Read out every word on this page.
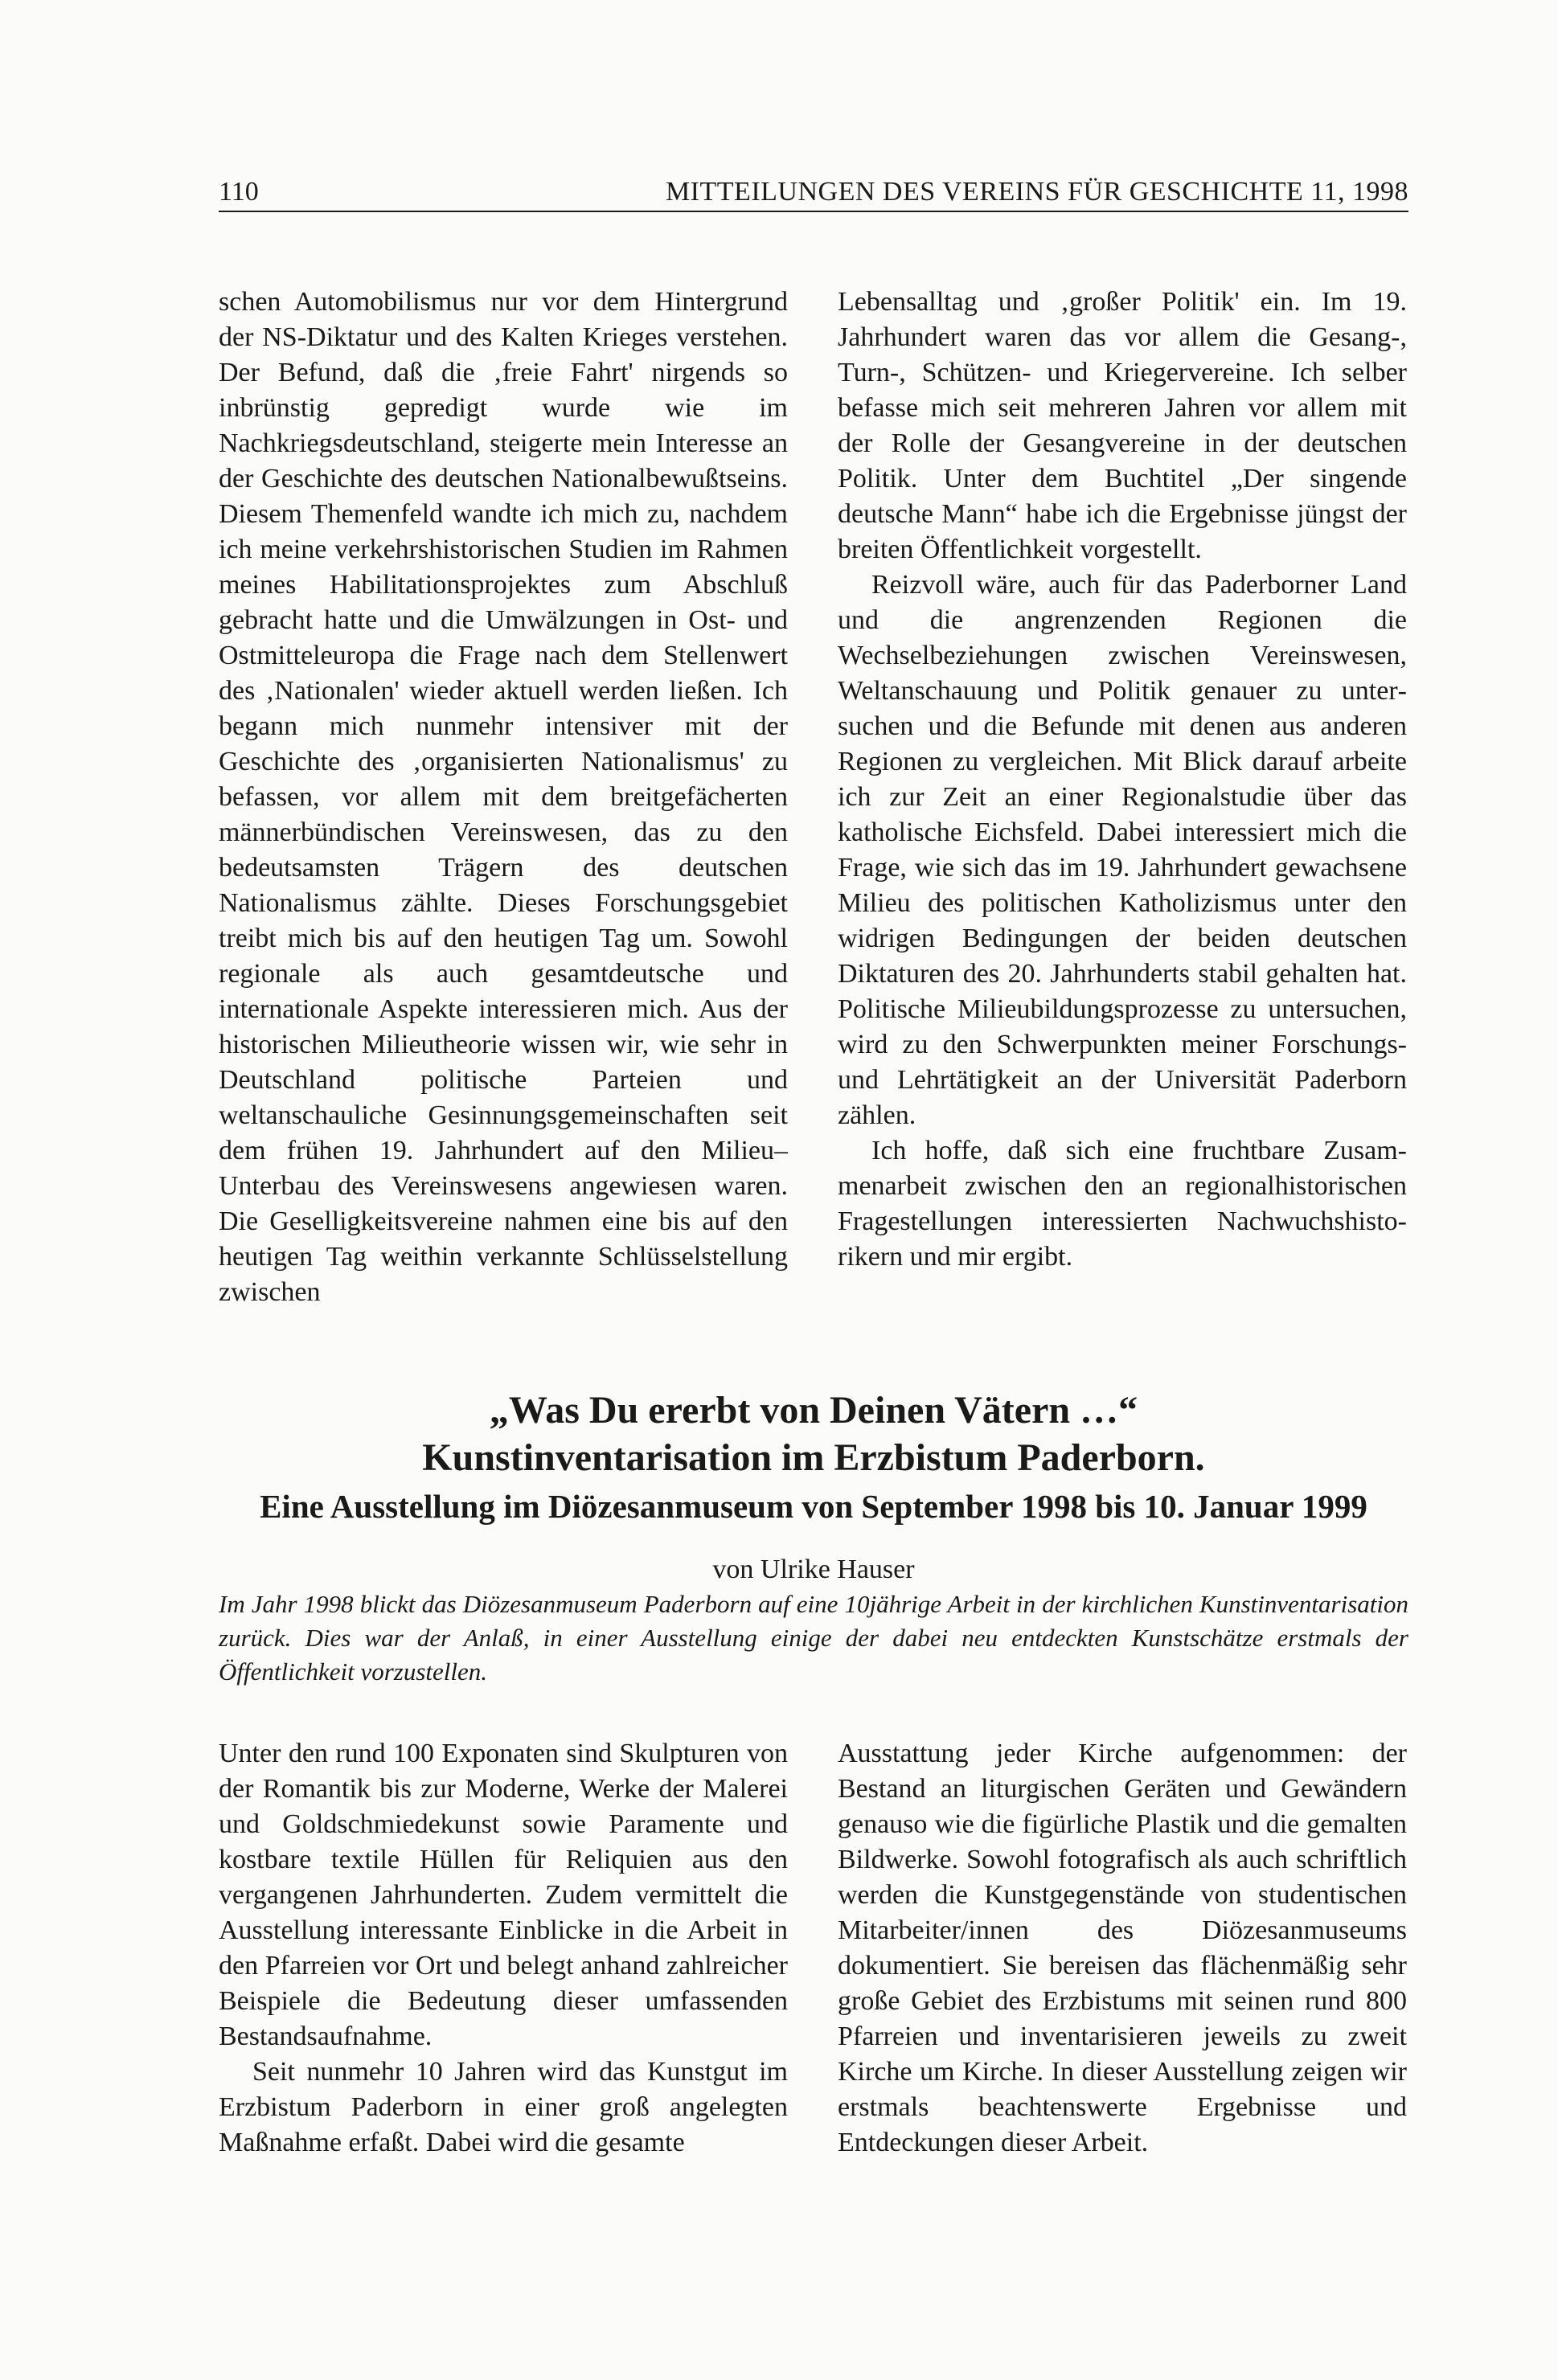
110	MITTEILUNGEN DES VEREINS FÜR GESCHICHTE 11, 1998

schen Automobilismus nur vor dem Hintergrund der NS-Diktatur und des Kalten Krieges verstehen. Der Befund, daß die ‚freie Fahrt' nirgends so inbrünstig gepredigt wurde wie im Nachkriegsdeutschland, steigerte mein Interesse an der Geschichte des deutschen Nationalbewußtseins. Diesem Themenfeld wandte ich mich zu, nachdem ich meine verkehrshistorischen Studien im Rahmen meines Habilitationsprojektes zum Abschluß gebracht hatte und die Umwälzungen in Ost- und Ostmitteleuropa die Frage nach dem Stellenwert des ‚Nationalen' wieder aktuell werden ließen. Ich begann mich nunmehr intensiver mit der Geschichte des ‚organisierten Nationalismus' zu befassen, vor allem mit dem breitgefächerten männerbündischen Vereinswesen, das zu den bedeutsamsten Trägern des deutschen Nationalismus zählte. Dieses Forschungsgebiet treibt mich bis auf den heutigen Tag um. Sowohl regionale als auch gesamtdeutsche und internationale Aspekte interessieren mich. Aus der historischen Milieutheorie wissen wir, wie sehr in Deutschland politische Parteien und weltanschauliche Gesinnungsgemeinschaften seit dem frühen 19. Jahrhundert auf den Milieu–Unterbau des Vereinswesens angewiesen waren. Die Geselligkeitsvereine nahmen eine bis auf den heutigen Tag weithin verkannte Schlüsselstellung zwischen

Lebensalltag und ‚großer Politik' ein. Im 19. Jahrhundert waren das vor allem die Gesang-, Turn-, Schützen- und Kriegervereine. Ich selber befasse mich seit mehreren Jahren vor allem mit der Rolle der Gesangvereine in der deutschen Politik. Unter dem Buchtitel „Der singende deutsche Mann“ habe ich die Ergebnisse jüngst der breiten Öffentlichkeit vorgestellt.

Reizvoll wäre, auch für das Paderborner Land und die angrenzenden Regionen die Wechselbeziehungen zwischen Vereinswesen, Weltanschauung und Politik genauer zu untersuchen und die Befunde mit denen aus anderen Regionen zu vergleichen. Mit Blick darauf arbeite ich zur Zeit an einer Regionalstudie über das katholische Eichsfeld. Dabei interessiert mich die Frage, wie sich das im 19. Jahrhundert gewachsene Milieu des politischen Katholizismus unter den widrigen Bedingungen der beiden deutschen Diktaturen des 20. Jahrhunderts stabil gehalten hat. Politische Milieubildungsprozesse zu untersuchen, wird zu den Schwerpunkten meiner Forschungs- und Lehrtätigkeit an der Universität Paderborn zählen.

Ich hoffe, daß sich eine fruchtbare Zusammenarbeit zwischen den an regionalhistorischen Fragestellungen interessierten Nachwuchshistorikern und mir ergibt.

„Was Du ererbt von Deinen Vätern …“

Kunstinventarisation im Erzbistum Paderborn.

Eine Ausstellung im Diözesanmuseum von September 1998 bis 10. Januar 1999

von Ulrike Hauser

Im Jahr 1998 blickt das Diözesanmuseum Paderborn auf eine 10jährige Arbeit in der kirchlichen Kunstinventarisation zurück. Dies war der Anlaß, in einer Ausstellung einige der dabei neu entdeckten Kunstschätze erstmals der Öffentlichkeit vorzustellen.

Unter den rund 100 Exponaten sind Skulpturen von der Romantik bis zur Moderne, Werke der Malerei und Goldschmiedekunst sowie Paramente und kostbare textile Hüllen für Reliquien aus den vergangenen Jahrhunderten. Zudem vermittelt die Ausstellung interessante Einblicke in die Arbeit in den Pfarreien vor Ort und belegt anhand zahlreicher Beispiele die Bedeutung dieser umfassenden Bestandsaufnahme.

Seit nunmehr 10 Jahren wird das Kunstgut im Erzbistum Paderborn in einer groß angelegten Maßnahme erfaßt. Dabei wird die gesamte

Ausstattung jeder Kirche aufgenommen: der Bestand an liturgischen Geräten und Gewändern genauso wie die figürliche Plastik und die gemalten Bildwerke. Sowohl fotografisch als auch schriftlich werden die Kunstgegenstände von studentischen Mitarbeiter/innen des Diözesanmuseums dokumentiert. Sie bereisen das flächenmäßig sehr große Gebiet des Erzbistums mit seinen rund 800 Pfarreien und inventarisieren jeweils zu zweit Kirche um Kirche. In dieser Ausstellung zeigen wir erstmals beachtenswerte Ergebnisse und Entdeckungen dieser Arbeit.
